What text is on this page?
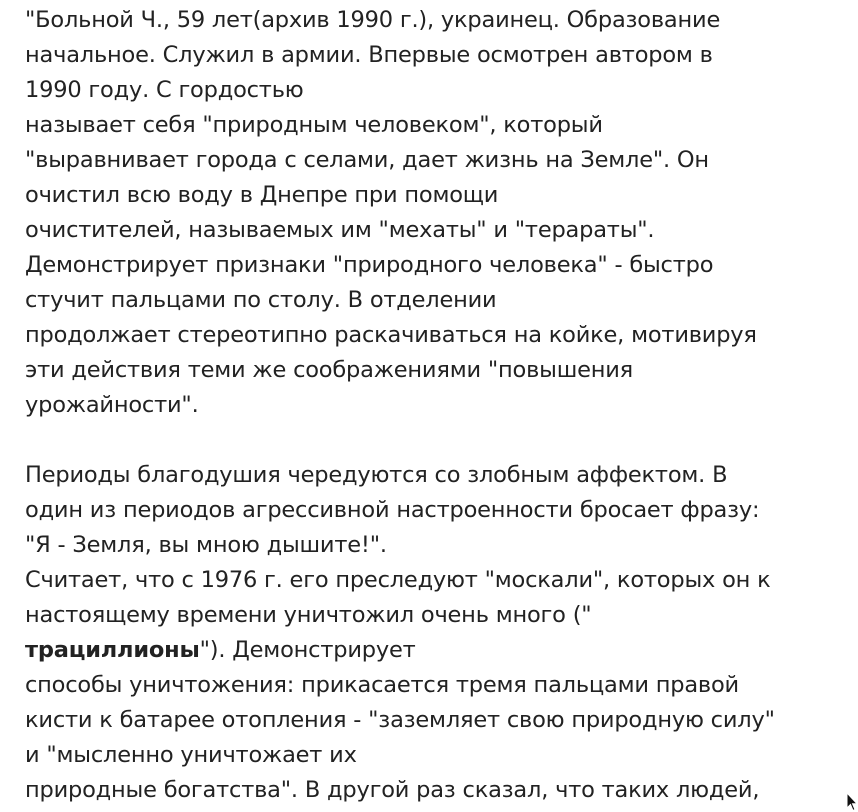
"Больной Ч., 59 лет(архив 1990 г.), украинец. Образование
начальное. Служил в армии. Впервые осмотрен автором в
1990 году. С гордостью
называет себя "природным человеком", который
"выравнивает города с селами, дает жизнь на Земле". Он
очистил всю воду в Днепре при помощи
очистителей, называемых им "мехаты" и "терараты".
Демонстрирует признаки "природного человека" - быстро
стучит пальцами по столу. В отделении
продолжает стереотипно раскачиваться на койке, мотивируя
эти действия теми же соображениями "повышения
урожайности".
Периоды благодушия чередуются со злобным аффектом. В
один из периодов агрессивной настроенности бросает фразу:
"Я - Земля, вы мною дышите!".
Считает, что с 1976 г. его преследуют "москали", которых он к
настоящему времени уничтожил очень много ("
трациллионы"). Демонстрирует
способы уничтожения: прикасается тремя пальцами правой
кисти к батарее отопления - "заземляет свою природную силу"
и "мысленно уничтожает их
природные богатства". В другой раз сказал, что таких людей,
